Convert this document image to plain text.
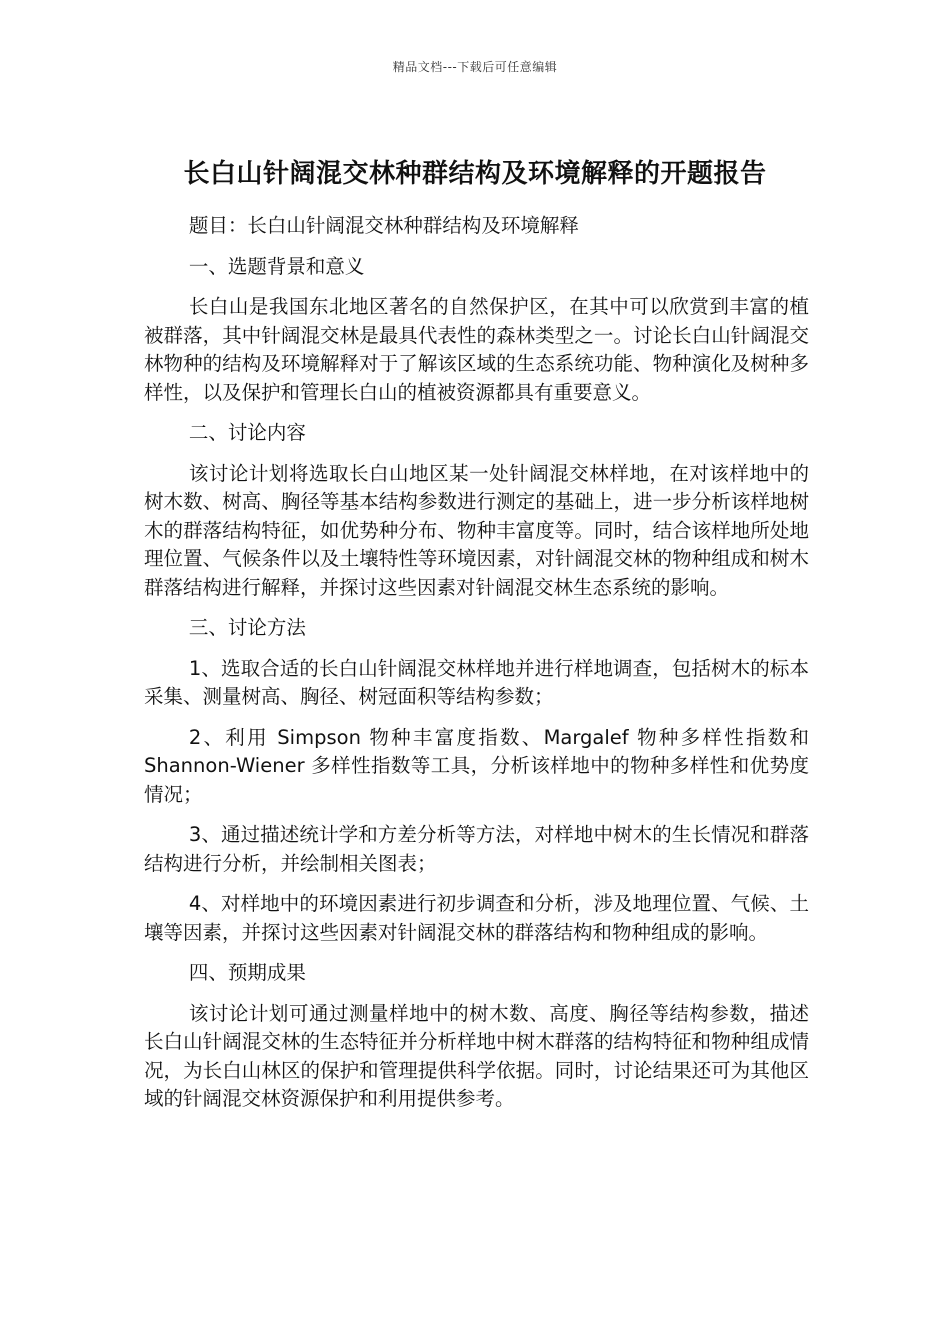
精品文档---下载后可任意编辑
长白山针阔混交林种群结构及环境解释的开题报告

题目：长白山针阔混交林种群结构及环境解释

一、选题背景和意义

长白山是我国东北地区著名的自然保护区，在其中可以欣赏到丰富的植被群落，其中针阔混交林是最具代表性的森林类型之一。讨论长白山针阔混交林物种的结构及环境解释对于了解该区域的生态系统功能、物种演化及树种多样性，以及保护和管理长白山的植被资源都具有重要意义。

二、讨论内容

该讨论计划将选取长白山地区某一处针阔混交林样地，在对该样地中的树木数、树高、胸径等基本结构参数进行测定的基础上，进一步分析该样地树木的群落结构特征，如优势种分布、物种丰富度等。同时，结合该样地所处地理位置、气候条件以及土壤特性等环境因素，对针阔混交林的物种组成和树木群落结构进行解释，并探讨这些因素对针阔混交林生态系统的影响。

三、讨论方法

1、选取合适的长白山针阔混交林样地并进行样地调查，包括树木的标本采集、测量树高、胸径、树冠面积等结构参数；

2、利用 Simpson 物种丰富度指数、Margalef 物种多样性指数和 Shannon-Wiener 多样性指数等工具，分析该样地中的物种多样性和优势度情况；

3、通过描述统计学和方差分析等方法，对样地中树木的生长情况和群落结构进行分析，并绘制相关图表；

4、对样地中的环境因素进行初步调查和分析，涉及地理位置、气候、土壤等因素，并探讨这些因素对针阔混交林的群落结构和物种组成的影响。

四、预期成果

该讨论计划可通过测量样地中的树木数、高度、胸径等结构参数，描述长白山针阔混交林的生态特征并分析样地中树木群落的结构特征和物种组成情况，为长白山林区的保护和管理提供科学依据。同时，讨论结果还可为其他区域的针阔混交林资源保护和利用提供参考。
